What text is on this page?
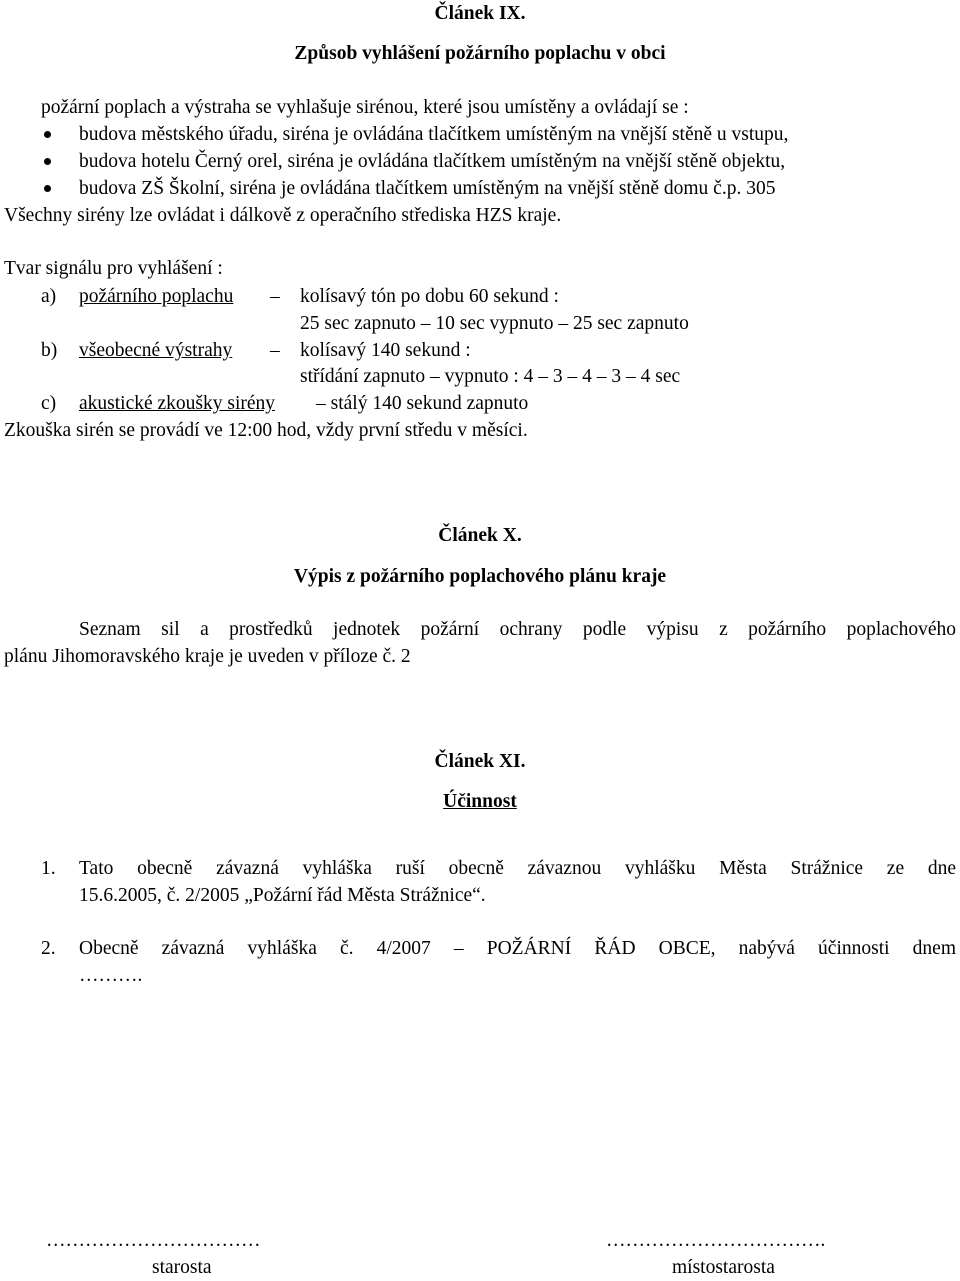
Článek IX.
Způsob vyhlášení požárního poplachu v obci
požární poplach a výstraha se vyhlašuje sirénou, které jsou umístěny a ovládají se :
budova městského úřadu, siréna je ovládána tlačítkem umístěným na vnější stěně u vstupu,
budova hotelu Černý orel, siréna je ovládána tlačítkem umístěným na vnější stěně objektu,
budova ZŠ Školní, siréna je ovládána tlačítkem umístěným na vnější stěně domu č.p. 305
Všechny sirény lze ovládat i dálkově z operačního střediska HZS kraje.
Tvar signálu pro vyhlášení :
a) požárního poplachu – kolísavý tón po dobu 60 sekund :
25 sec zapnuto – 10 sec vypnuto – 25 sec zapnuto
b) všeobecné výstrahy – kolísavý 140 sekund :
střídání zapnuto – vypnuto : 4 – 3 – 4 – 3 – 4 sec
c) akustické zkoušky sirény – stálý 140 sekund zapnuto
Zkouška sirén se provádí ve 12:00 hod, vždy první středu v měsíci.
Článek X.
Výpis z požárního poplachového plánu kraje
Seznam sil a prostředků jednotek požární ochrany podle výpisu z požárního poplachového
plánu Jihomoravského kraje je uveden v příloze č. 2
Článek XI.
Účinnost
1. Tato obecně závazná vyhláška ruší obecně závaznou vyhlášku Města Strážnice ze dne
15.6.2005, č. 2/2005 „Požární řád Města Strážnice“.
2. Obecně závazná vyhláška č. 4/2007 – POŽÁRNÍ ŘÁD OBCE, nabývá účinnosti dnem
……….
……………………………	…………………………….
starosta	místostarosta
